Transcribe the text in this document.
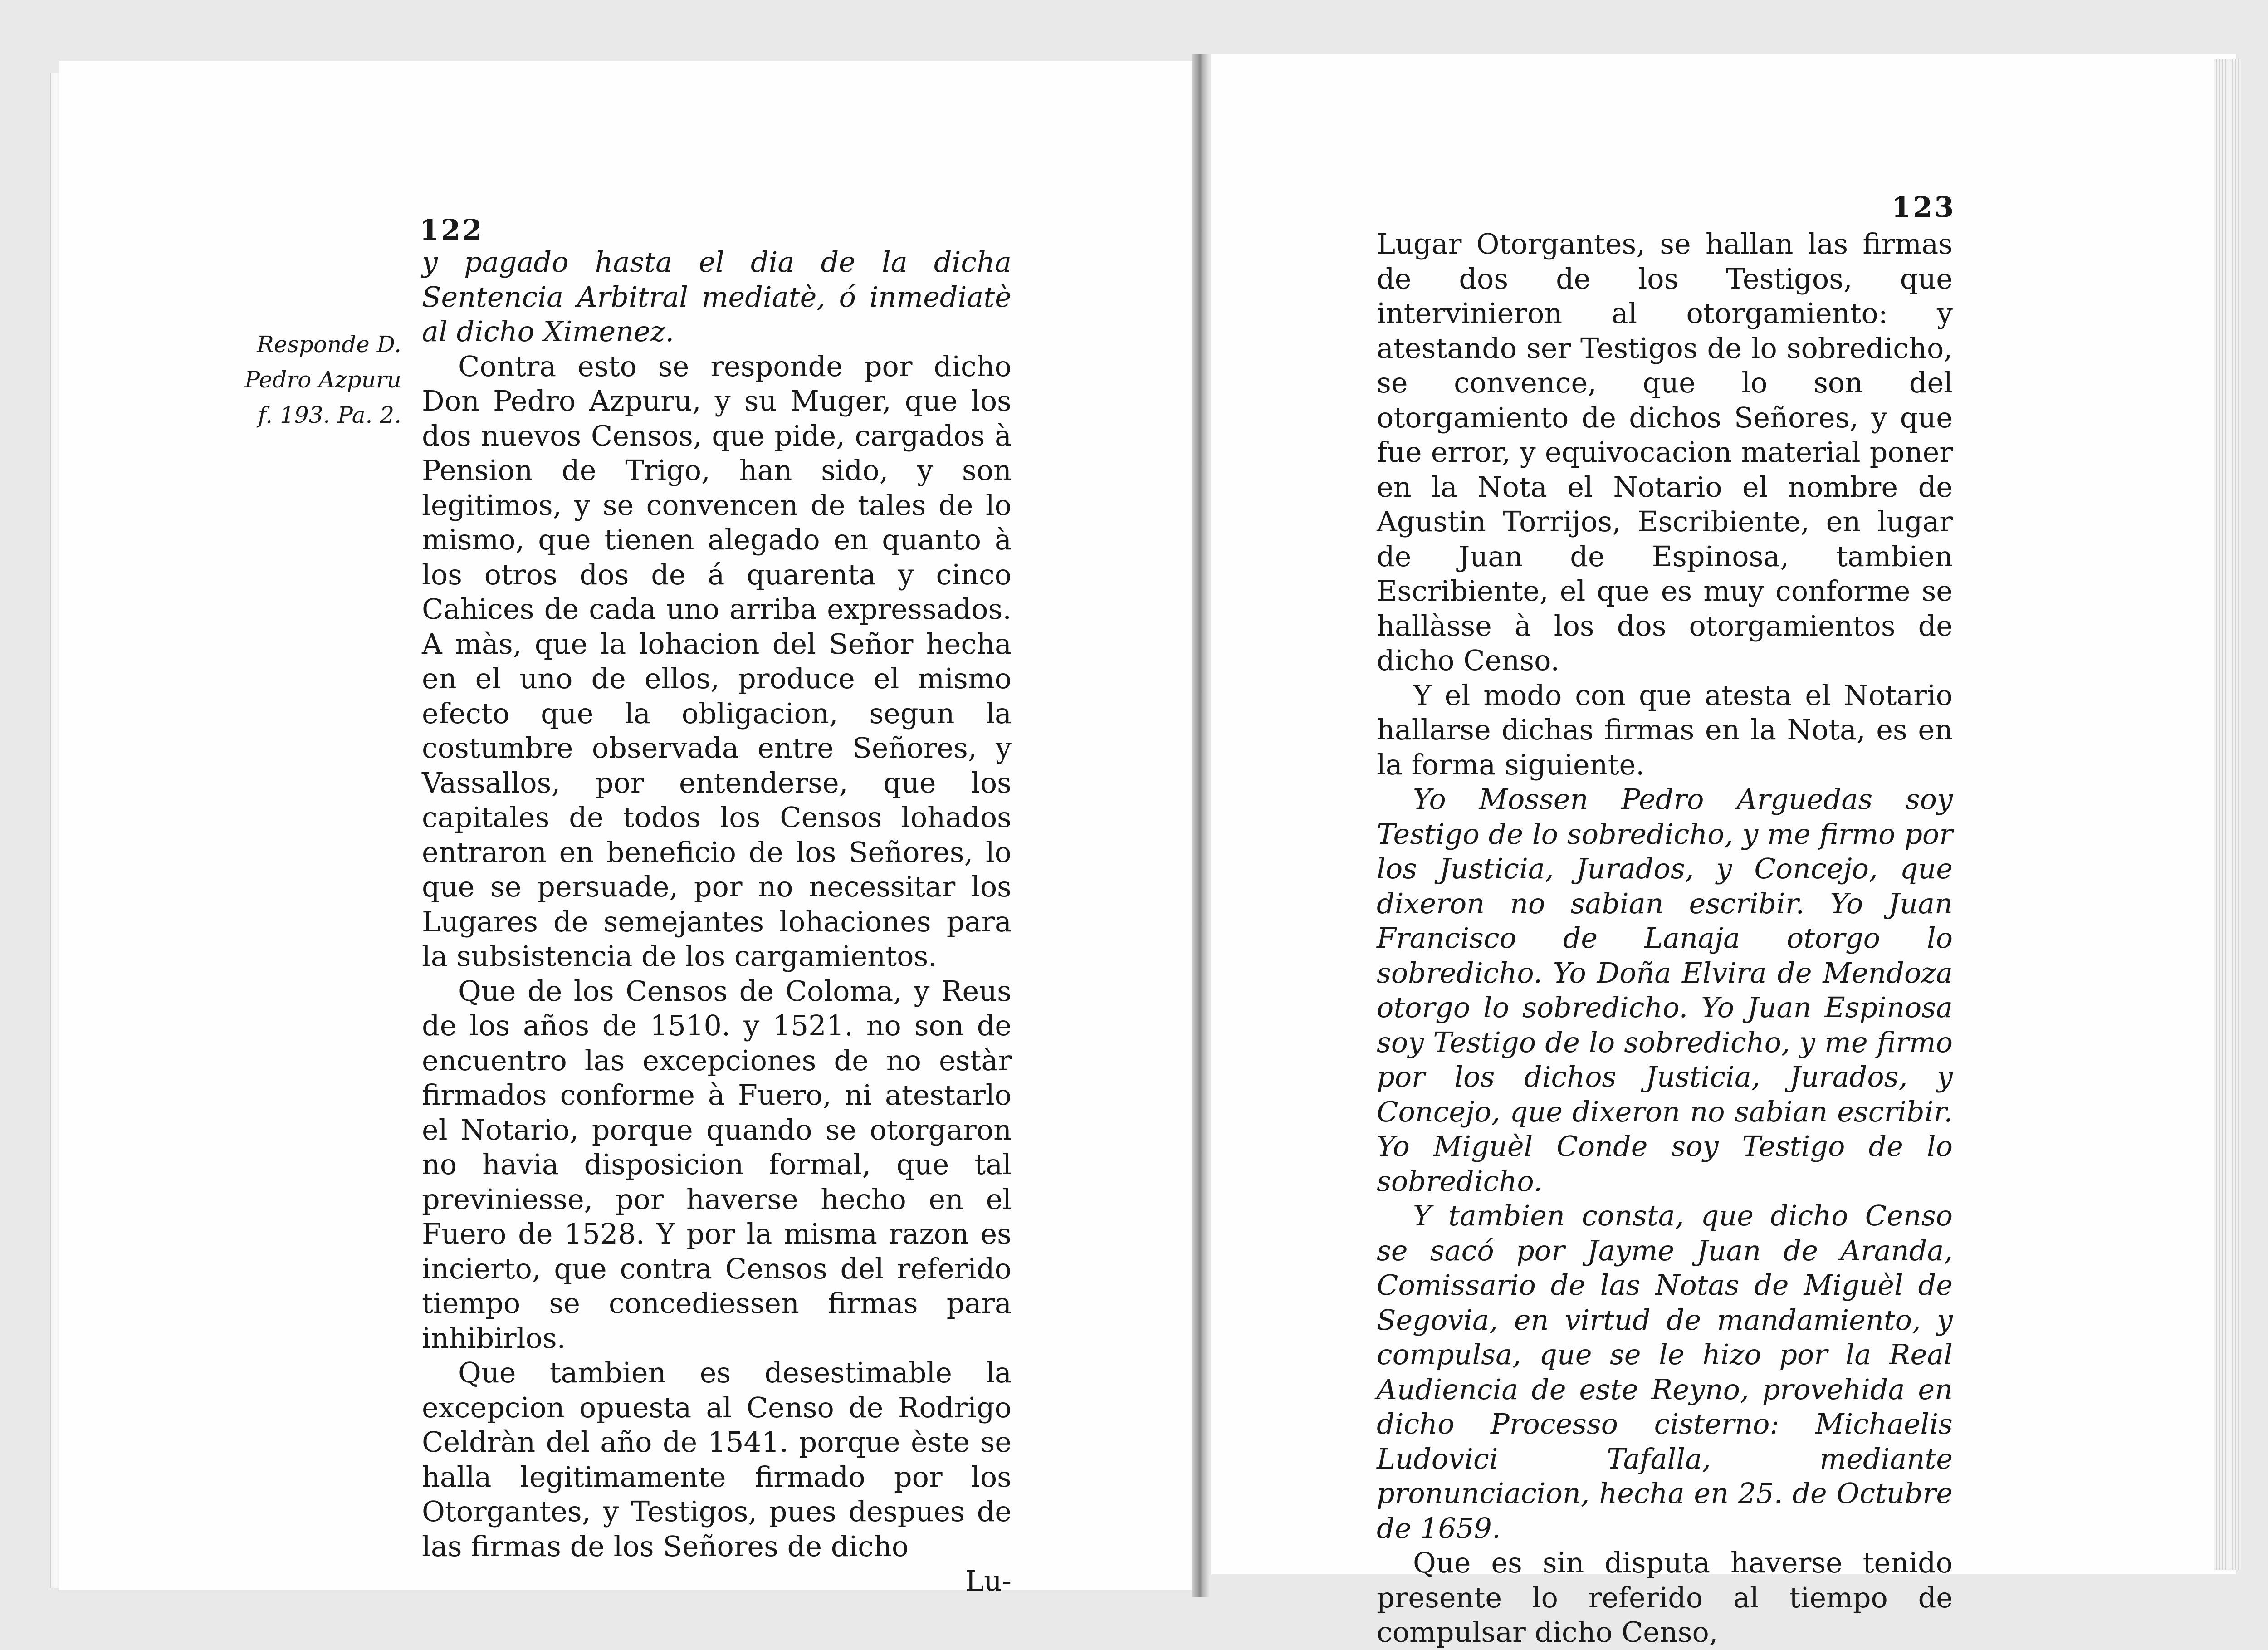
122
Responde D.
Pedro Azpuru
f. 193. Pa. 2.

y pagado hasta el dia de la dicha Sentencia Arbitral mediatè, ó inmediatè al dicho Ximenez.

Contra esto se responde por dicho Don Pedro Azpuru, y su Muger, que los dos nuevos Censos, que pide, cargados à Pension de Trigo, han sido, y son legitimos, y se convencen de tales de lo mismo, que tienen alegado en quanto à los otros dos de á quarenta y cinco Cahices de cada uno arriba expressados. A màs, que la lohacion del Señor hecha en el uno de ellos, produce el mismo efecto que la obligacion, segun la costumbre observada entre Señores, y Vassallos, por entenderse, que los capitales de todos los Censos lohados entraron en beneficio de los Señores, lo que se persuade, por no necessitar los Lugares de semejantes lohaciones para la subsistencia de los cargamientos.

Que de los Censos de Coloma, y Reus de los años de 1510. y 1521. no son de encuentro las excepciones de no estàr firmados conforme à Fuero, ni atestarlo el Notario, porque quando se otorgaron no havia disposicion formal, que tal previniesse, por haverse hecho en el Fuero de 1528. Y por la misma razon es incierto, que contra Censos del referido tiempo se concediessen firmas para inhibirlos.

Que tambien es desestimable la excepcion opuesta al Censo de Rodrigo Celdràn del año de 1541. porque èste se halla legitimamente firmado por los Otorgantes, y Testigos, pues despues de las firmas de los Señores de dicho

Lu-

123

Lugar Otorgantes, se hallan las firmas de dos de los Testigos, que intervinieron al otorgamiento: y atestando ser Testigos de lo sobredicho, se convence, que lo son del otorgamiento de dichos Señores, y que fue error, y equivocacion material poner en la Nota el Notario el nombre de Agustin Torrijos, Escribiente, en lugar de Juan de Espinosa, tambien Escribiente, el que es muy conforme se hallàsse à los dos otorgamientos de dicho Censo.

Y el modo con que atesta el Notario hallarse dichas firmas en la Nota, es en la forma siguiente.

Yo Mossen Pedro Arguedas soy Testigo de lo sobredicho, y me firmo por los Justicia, Jurados, y Concejo, que dixeron no sabian escribir. Yo Juan Francisco de Lanaja otorgo lo sobredicho. Yo Doña Elvira de Mendoza otorgo lo sobredicho. Yo Juan Espinosa soy Testigo de lo sobredicho, y me firmo por los dichos Justicia, Jurados, y Concejo, que dixeron no sabian escribir. Yo Miguèl Conde soy Testigo de lo sobredicho.

Y tambien consta, que dicho Censo se sacó por Jayme Juan de Aranda, Comissario de las Notas de Miguèl de Segovia, en virtud de mandamiento, y compulsa, que se le hizo por la Real Audiencia de este Reyno, provehida en dicho Processo cisterno: Michaelis Ludovici Tafalla, mediante pronunciacion, hecha en 25. de Octubre de 1659.

Que es sin disputa haverse tenido presente lo referido al tiempo de compulsar dicho Censo,
